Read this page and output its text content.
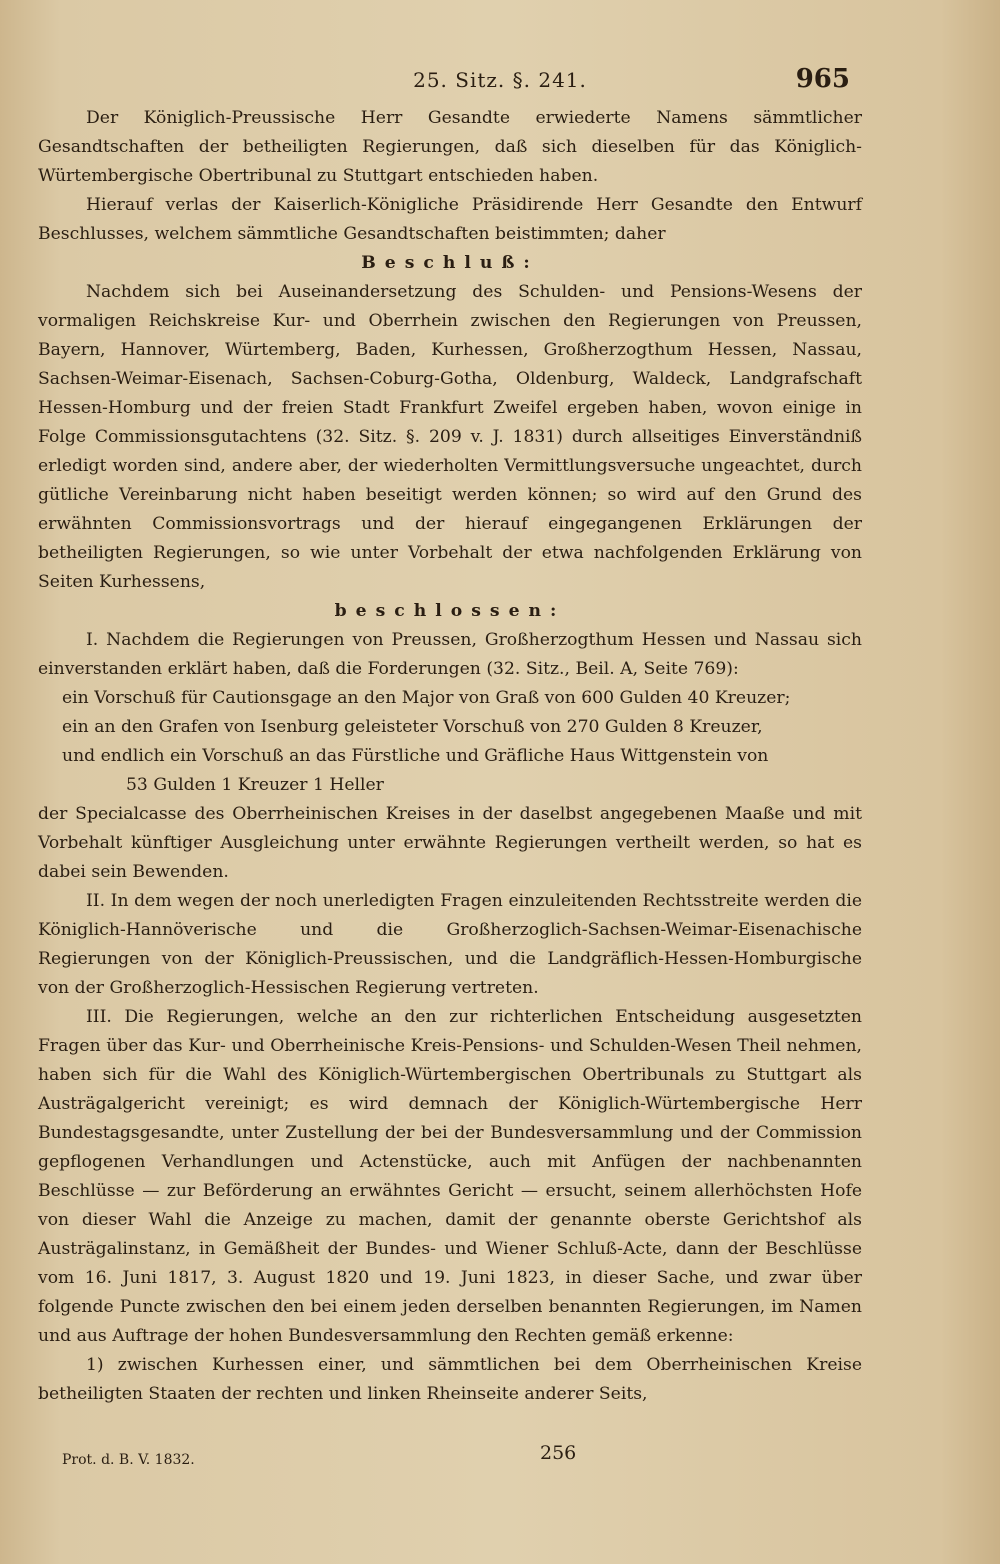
25. Sitz. §. 241.	965

Der Königlich-Preussische Herr Gesandte erwiederte Namens sämmtlicher Gesandtschaften der betheiligten Regierungen, daß sich dieselben für das Königlich-Würtembergische Obertribunal zu Stuttgart entschieden haben.

Hierauf verlas der Kaiserlich-Königliche Präsidirende Herr Gesandte den Entwurf Beschlusses, welchem sämmtliche Gesandtschaften beistimmten; daher

Beschluß:

Nachdem sich bei Auseinandersetzung des Schulden- und Pensions-Wesens der vormaligen Reichskreise Kur- und Oberrhein zwischen den Regierungen von Preussen, Bayern, Hannover, Würtemberg, Baden, Kurhessen, Großherzogthum Hessen, Nassau, Sachsen-Weimar-Eisenach, Sachsen-Coburg-Gotha, Oldenburg, Waldeck, Landgrafschaft Hessen-Homburg und der freien Stadt Frankfurt Zweifel ergeben haben, wovon einige in Folge Commissionsgutachtens (32. Sitz. §. 209 v. J. 1831) durch allseitiges Einverständniß erledigt worden sind, andere aber, der wiederholten Vermittlungsversuche ungeachtet, durch gütliche Vereinbarung nicht haben beseitigt werden können; so wird auf den Grund des erwähnten Commissionsvortrags und der hierauf eingegangenen Erklärungen der betheiligten Regierungen, so wie unter Vorbehalt der etwa nachfolgenden Erklärung von Seiten Kurhessens,

beschlossen:

I. Nachdem die Regierungen von Preussen, Großherzogthum Hessen und Nassau sich einverstanden erklärt haben, daß die Forderungen (32. Sitz., Beil. A, Seite 769):

ein Vorschuß für Cautionsgage an den Major von Graß von 600 Gulden 40 Kreuzer;

ein an den Grafen von Isenburg geleisteter Vorschuß von 270 Gulden 8 Kreuzer,

und endlich ein Vorschuß an das Fürstliche und Gräfliche Haus Wittgenstein von

53 Gulden 1 Kreuzer 1 Heller

der Specialcasse des Oberrheinischen Kreises in der daselbst angegebenen Maaße und mit Vorbehalt künftiger Ausgleichung unter erwähnte Regierungen vertheilt werden, so hat es dabei sein Bewenden.

II. In dem wegen der noch unerledigten Fragen einzuleitenden Rechtsstreite werden die Königlich-Hannöverische und die Großherzoglich-Sachsen-Weimar-Eisenachische Regierungen von der Königlich-Preussischen, und die Landgräflich-Hessen-Homburgische von der Großherzoglich-Hessischen Regierung vertreten.

III. Die Regierungen, welche an den zur richterlichen Entscheidung ausgesetzten Fragen über das Kur- und Oberrheinische Kreis-Pensions- und Schulden-Wesen Theil nehmen, haben sich für die Wahl des Königlich-Würtembergischen Obertribunals zu Stuttgart als Austrägalgericht vereinigt; es wird demnach der Königlich-Würtembergische Herr Bundestagsgesandte, unter Zustellung der bei der Bundesversammlung und der Commission gepflogenen Verhandlungen und Actenstücke, auch mit Anfügen der nachbenannten Beschlüsse — zur Beförderung an erwähntes Gericht — ersucht, seinem allerhöchsten Hofe von dieser Wahl die Anzeige zu machen, damit der genannte oberste Gerichtshof als Austrägalinstanz, in Gemäßheit der Bundes- und Wiener Schluß-Acte, dann der Beschlüsse vom 16. Juni 1817, 3. August 1820 und 19. Juni 1823, in dieser Sache, und zwar über folgende Puncte zwischen den bei einem jeden derselben benannten Regierungen, im Namen und aus Auftrage der hohen Bundesversammlung den Rechten gemäß erkenne:

1) zwischen Kurhessen einer, und sämmtlichen bei dem Oberrheinischen Kreise betheiligten Staaten der rechten und linken Rheinseite anderer Seits,

Prot. d. B. V. 1832.	256
